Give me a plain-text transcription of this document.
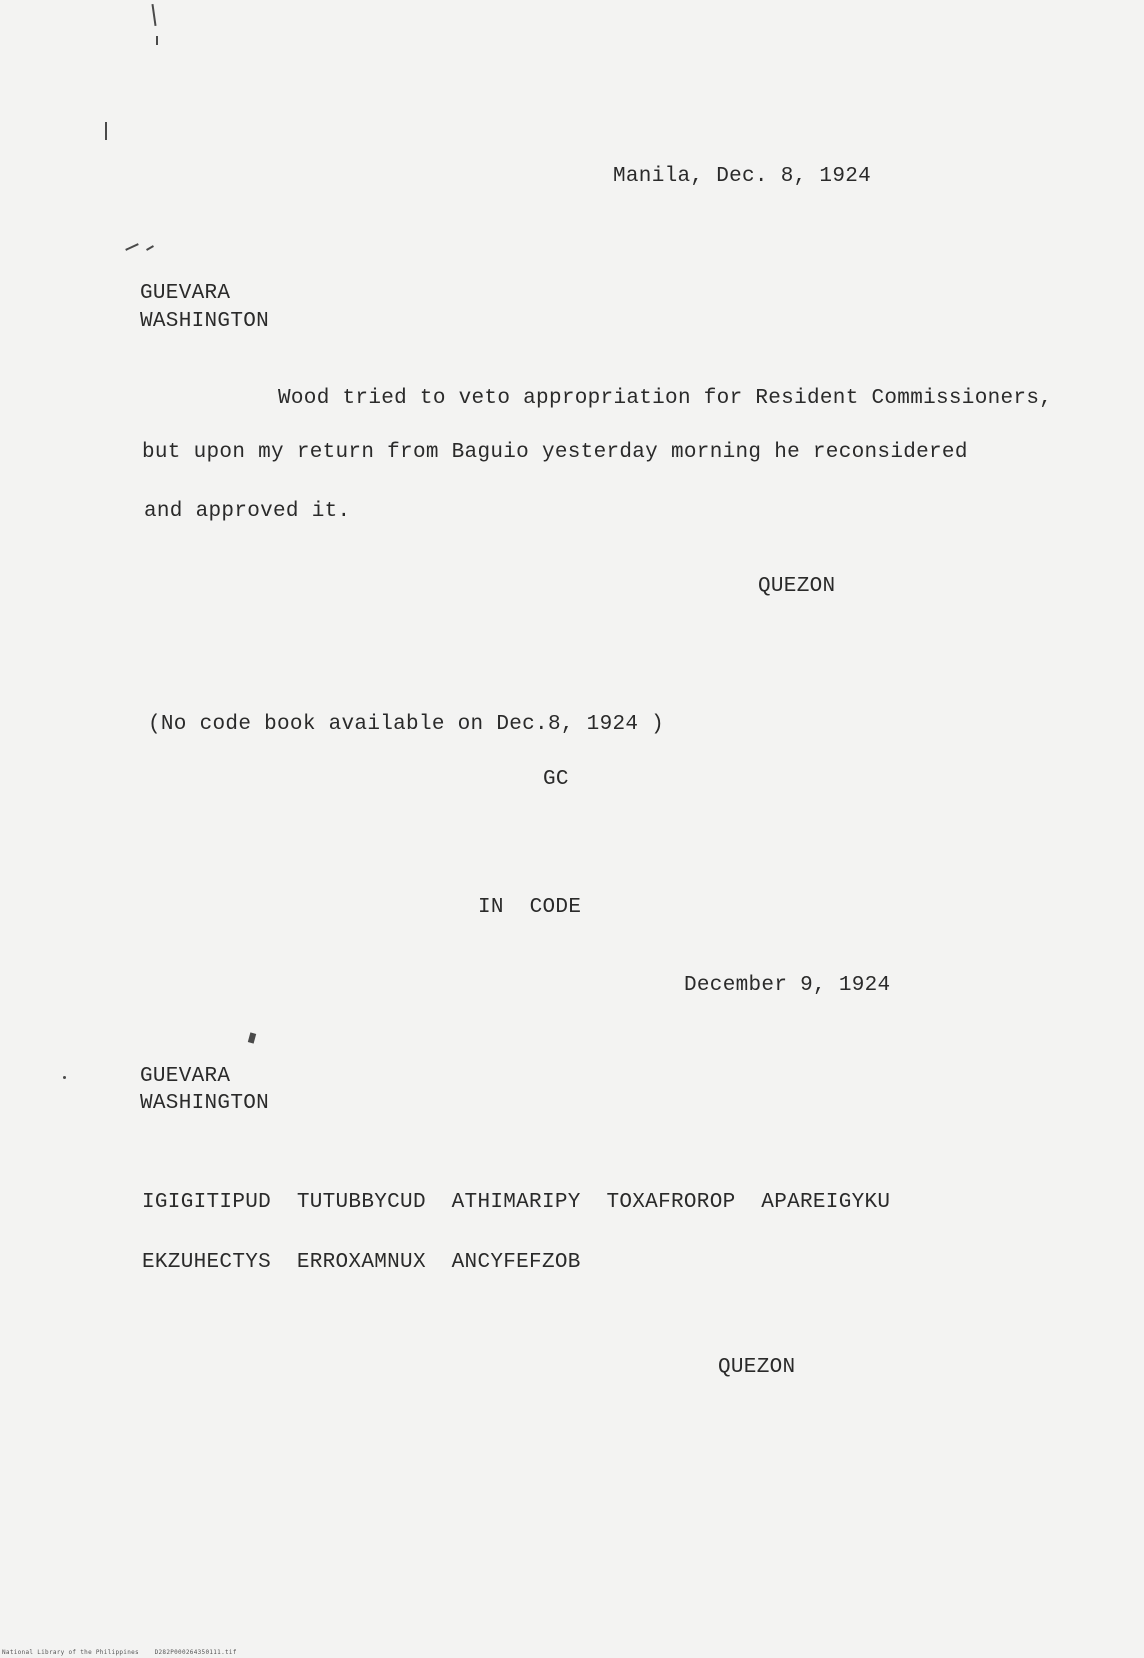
Manila, Dec. 8, 1924
GUEVARA
WASHINGTON
Wood tried to veto appropriation for Resident Commissioners,
but upon my return from Baguio yesterday morning he reconsidered
and approved it.
QUEZON
(No code book available on Dec.8, 1924 )
GC
IN  CODE
December 9, 1924
GUEVARA
WASHINGTON
IGIGITIPUD  TUTUBBYCUD  ATHIMARIPY  TOXAFROROP  APAREIGYKU
EKZUHECTYS  ERROXAMNUX  ANCYFEFZOB
QUEZON
National Library of the Philippines    D282P000264350111.tif
